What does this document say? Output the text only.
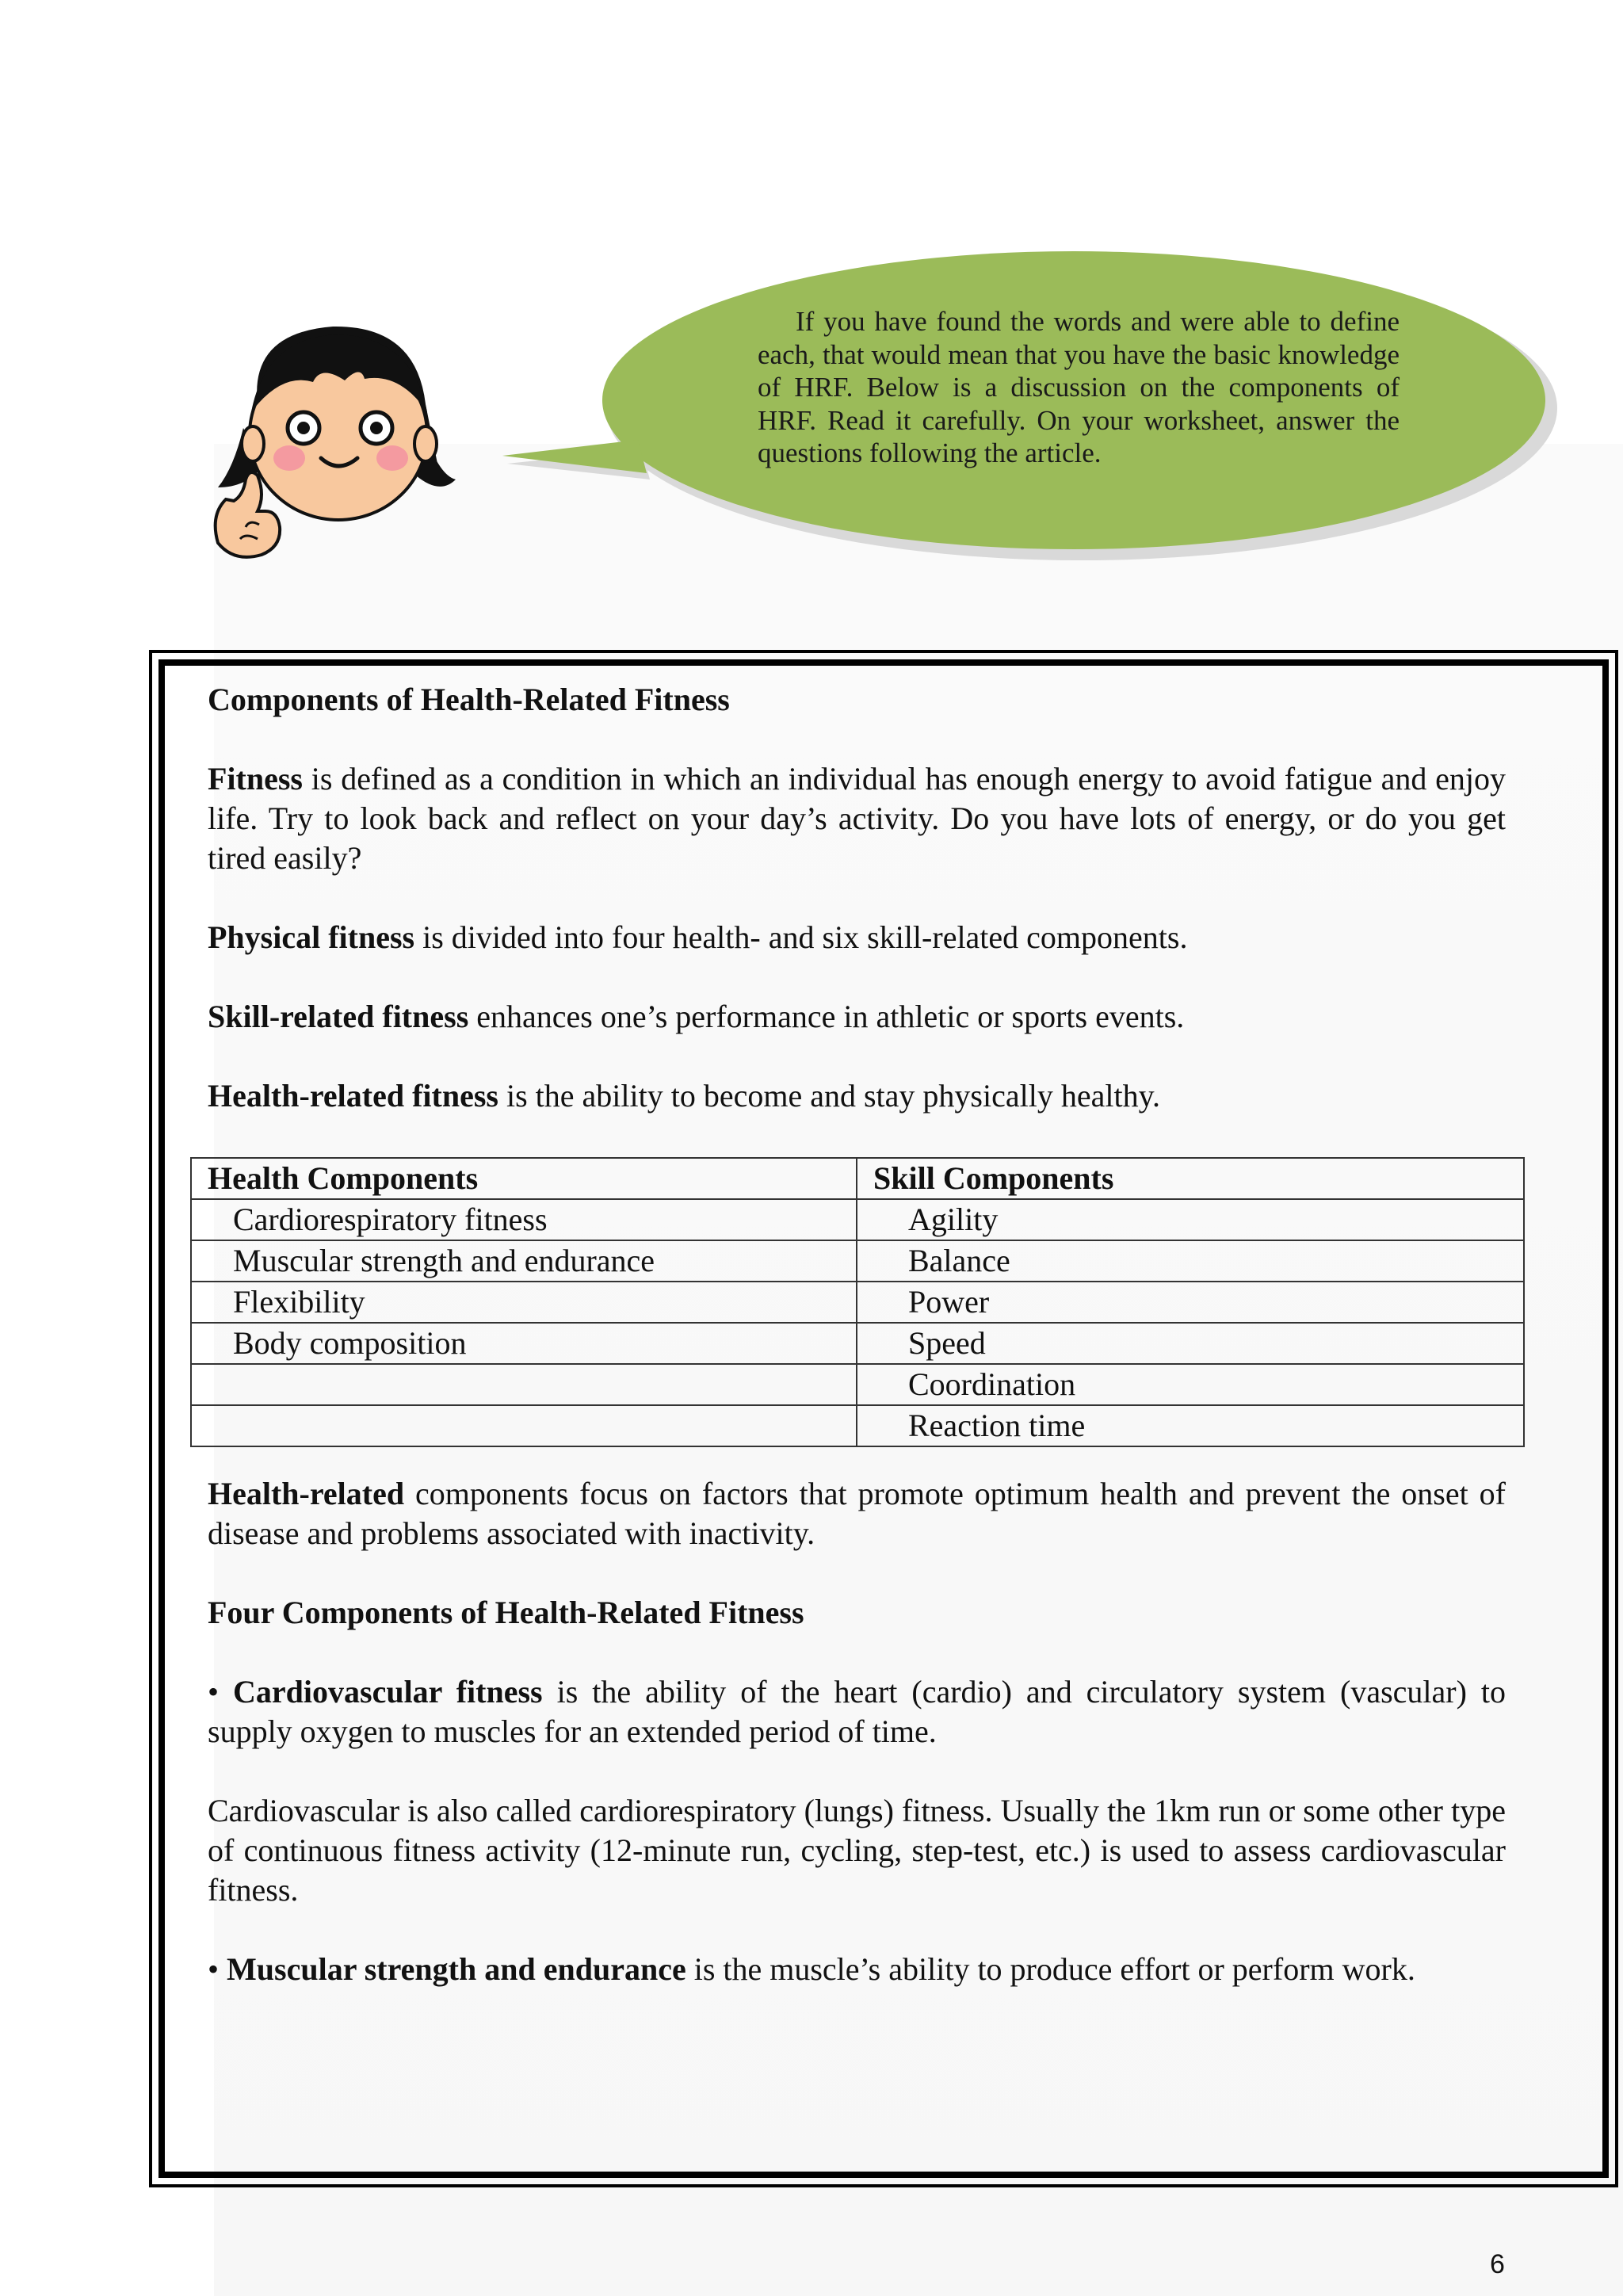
If you have found the words and were able to define each, that would mean that you have the basic knowledge of HRF. Below is a discussion on the components of HRF. Read it carefully. On your worksheet, answer the questions following the article.

Components of Health-Related Fitness

Fitness is defined as a condition in which an individual has enough energy to avoid fatigue and enjoy life. Try to look back and reflect on your day’s activity. Do you have lots of energy, or do you get tired easily?

Physical fitness is divided into four health- and six skill-related components.

Skill-related fitness enhances one’s performance in athletic or sports events.

Health-related fitness is the ability to become and stay physically healthy.

Health Components	Skill Components
Cardiorespiratory fitness	Agility
Muscular strength and endurance	Balance
Flexibility	Power
Body composition	Speed
	Coordination
	Reaction time

Health-related components focus on factors that promote optimum health and prevent the onset of disease and problems associated with inactivity.

Four Components of Health-Related Fitness

• Cardiovascular fitness is the ability of the heart (cardio) and circulatory system (vascular) to supply oxygen to muscles for an extended period of time.

Cardiovascular is also called cardiorespiratory (lungs) fitness. Usually the 1km run or some other type of continuous fitness activity (12-minute run, cycling, step-test, etc.) is used to assess cardiovascular fitness.

• Muscular strength and endurance is the muscle’s ability to produce effort or perform work.

6
